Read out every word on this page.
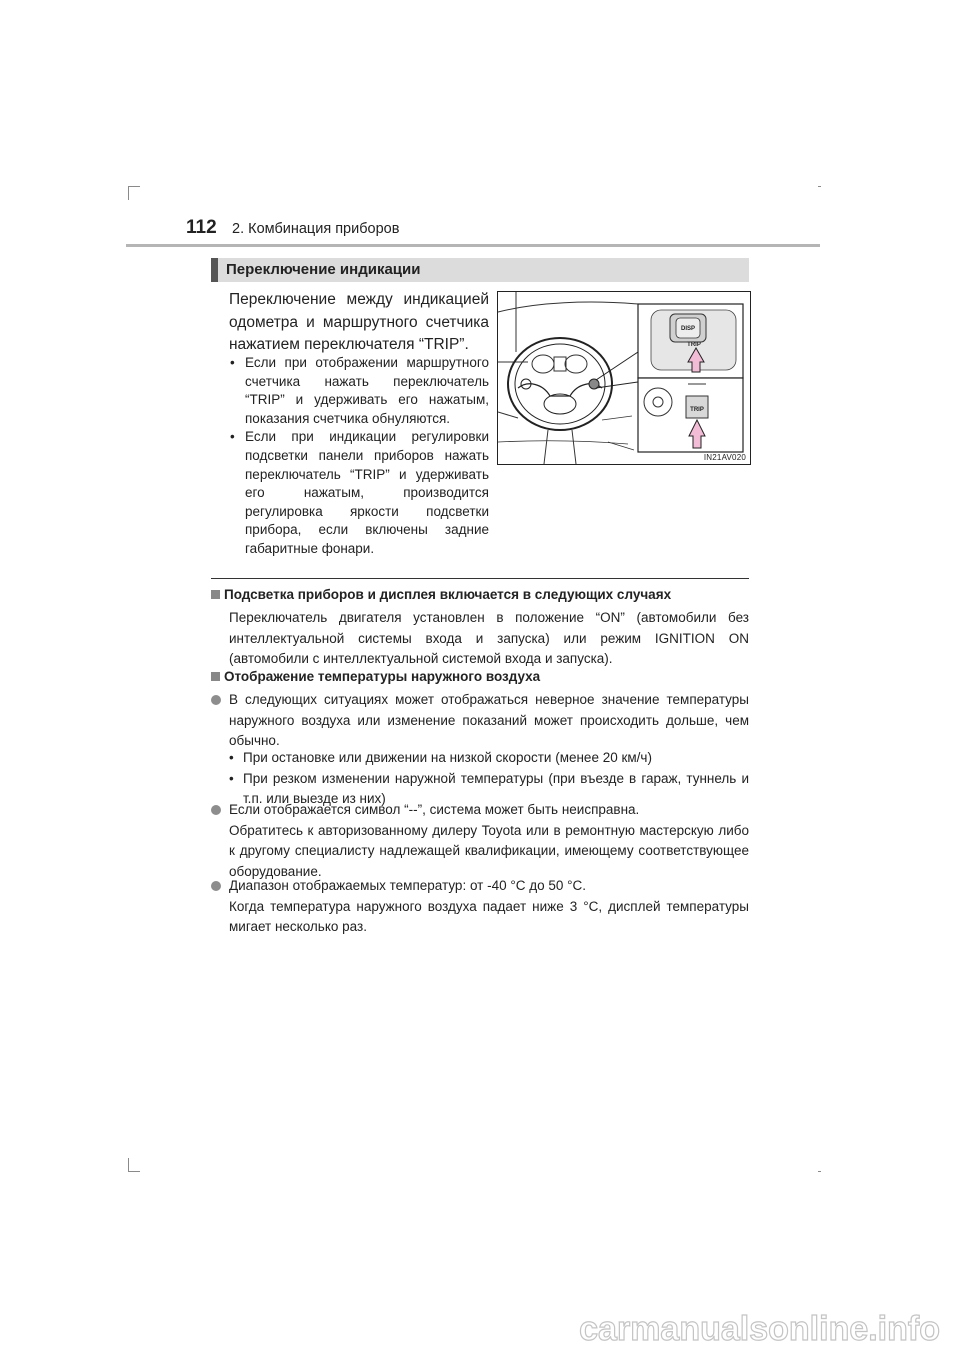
112 2. Комбинация приборов
Переключение индикации
Переключение между индикацией одометра и маршрутного счетчика нажатием переключателя “TRIP”.
• Если при отображении маршрутного счетчика нажать переключатель “TRIP” и удерживать его нажатым, показания счетчика обнуляются.
• Если при индикации регулировки подсветки панели приборов нажать переключатель “TRIP” и удерживать его нажатым, производится регулировка яркости подсветки прибора, если включены задние габаритные фонари.
DISP
TRIP
TRIP
IN21AV020
Подсветка приборов и дисплея включается в следующих случаях
Переключатель двигателя установлен в положение “ON” (автомобили без интеллектуальной системы входа и запуска) или режим IGNITION ON (автомобили с интеллектуальной системой входа и запуска).
Отображение температуры наружного воздуха
В следующих ситуациях может отображаться неверное значение температуры наружного воздуха или изменение показаний может происходить дольше, чем обычно.
• При остановке или движении на низкой скорости (менее 20 км/ч)
• При резком изменении наружной температуры (при въезде в гараж, туннель и т.п. или выезде из них)
Если отображается символ “--”, система может быть неисправна.
Обратитесь к авторизованному дилеру Toyota или в ремонтную мастерскую либо к другому специалисту надлежащей квалификации, имеющему соответствующее оборудование.
Диапазон отображаемых температур: от -40 °C до 50 °C.
Когда температура наружного воздуха падает ниже 3 °C, дисплей температуры мигает несколько раз.
carmanualsonline.info
